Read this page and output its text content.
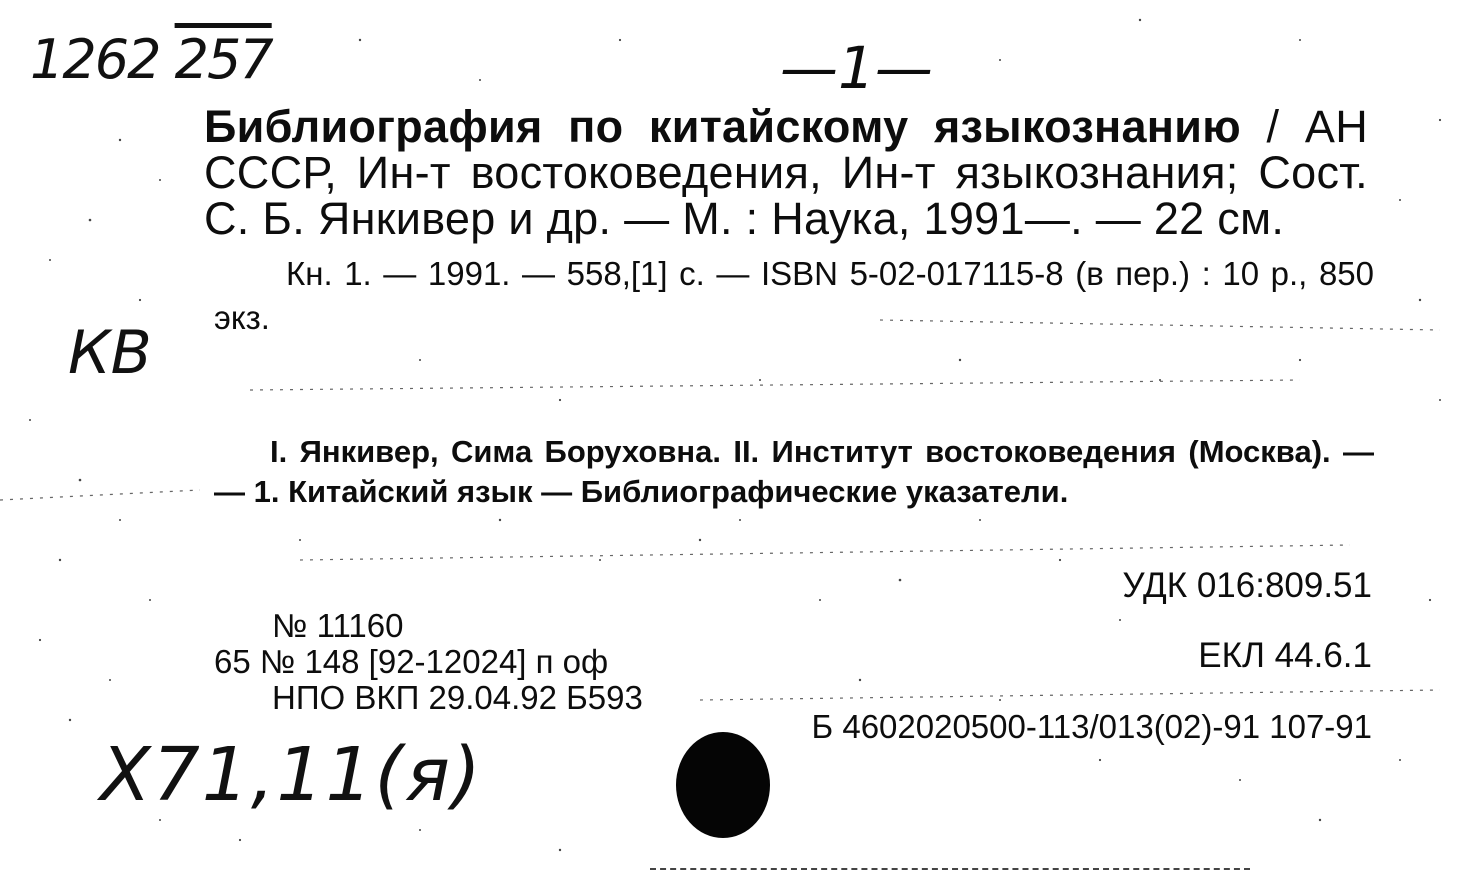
1262 257	—1—

Библиография по китайскому языкознанию / АН СССР, Ин-т востоковедения, Ин-т языкознания; Сост. С. Б. Янкивер и др. — М. : Наука, 1991—. — 22 см.

Кн. 1. — 1991. — 558,[1] с. — ISBN 5-02-017115-8 (в пер.) : 10 р., 850 экз.

КВ

I. Янкивер, Сима Боруховна. II. Институт востоковедения (Москва). — — 1. Китайский язык — Библиографические указатели.

УДК 016:809.51
ЕКЛ 44.6.1
№ 11160
65 № 148 [92-12024] п оф
НПО ВКП 29.04.92 Б593
Б 4602020500-113/013(02)-91 107-91
Х71,11(я)
